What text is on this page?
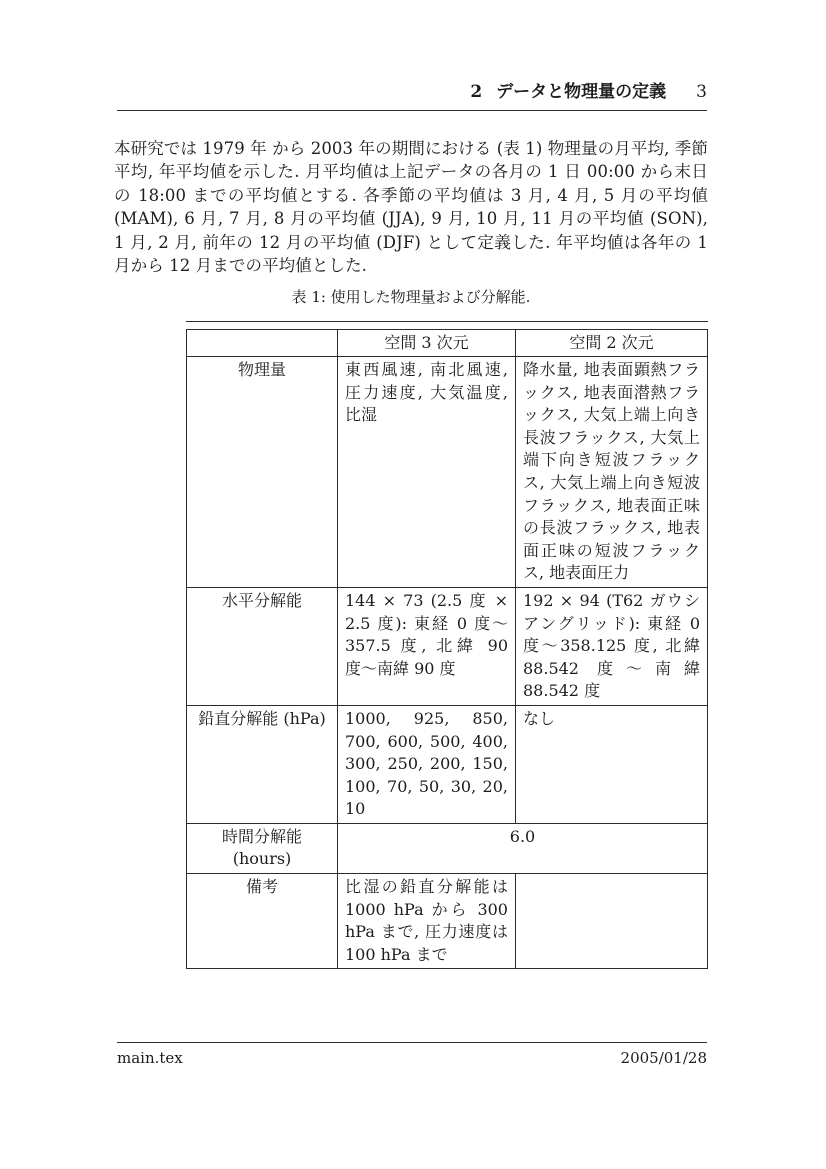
2 データと物理量の定義 3
本研究では 1979 年 から 2003 年の期間における (表 1) 物理量の月平均, 季節平均, 年平均値を示した. 月平均値は上記データの各月の 1 日 00:00 から末日の 18:00 までの平均値とする. 各季節の平均値は 3 月, 4 月, 5 月の平均値 (MAM), 6 月, 7 月, 8 月の平均値 (JJA), 9 月, 10 月, 11 月の平均値 (SON), 1 月, 2 月, 前年の 12 月の平均値 (DJF) として定義した. 年平均値は各年の 1 月から 12 月までの平均値とした.
表 1: 使用した物理量および分解能.
	空間 3 次元	空間 2 次元
物理量	東西風速, 南北風速, 圧力速度, 大気温度, 比湿	降水量, 地表面顕熱フラックス, 地表面潜熱フラックス, 大気上端上向き長波フラックス, 大気上端下向き短波フラックス, 大気上端上向き短波フラックス, 地表面正味の長波フラックス, 地表面正味の短波フラックス, 地表面圧力
水平分解能	144 × 73 (2.5 度 × 2.5 度): 東経 0 度〜 357.5 度, 北緯 90 度〜南緯 90 度	192 × 94 (T62 ガウシアングリッド): 東経 0 度〜358.125 度, 北緯 88.542 度〜南緯 88.542 度
鉛直分解能 (hPa)	1000, 925, 850, 700, 600, 500, 400, 300, 250, 200, 150, 100, 70, 50, 30, 20, 10	なし
時間分解能 (hours)	6.0	
備考	比湿の鉛直分解能は 1000 hPa から 300 hPa まで, 圧力速度は 100 hPa まで	
main.tex	2005/01/28
